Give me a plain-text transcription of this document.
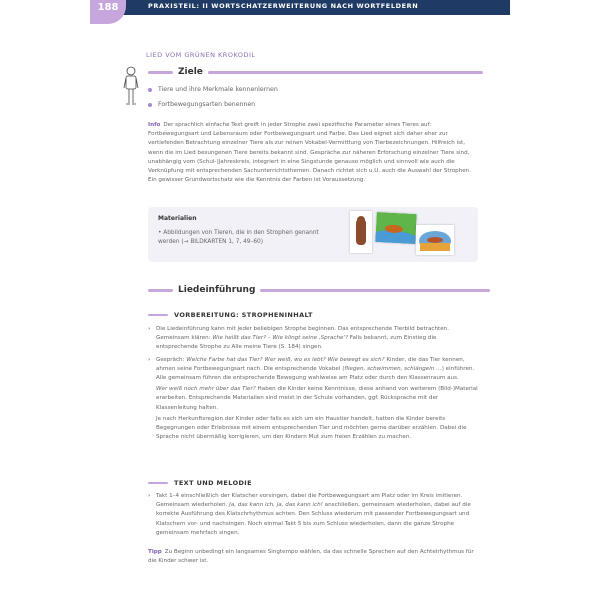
188	PRAXISTEIL: II WORTSCHATZERWEITERUNG NACH WORTFELDERN
LIED VOM GRÜNEN KROKODIL
Ziele
Tiere und ihre Merkmale kennenlernen
Fortbewegungsarten benennen
Info Der sprachlich einfache Text greift in jeder Strophe zwei spezifische Parameter eines Tieres auf: Fortbewegungsart und Lebensraum oder Fortbewegungsart und Farbe. Das Lied eignet sich daher eher zur vertiefenden Betrachtung einzelner Tiere als zur reinen Vokabel-Vermittlung von Tierbezeichnungen. Hilfreich ist, wenn die im Lied besungenen Tiere bereits bekannt sind. Gespräche zur näheren Erforschung einzelner Tiere sind, unabhängig vom (Schul-)Jahreskreis, integriert in eine Singstunde genauso möglich und sinnvoll wie auch die Verknüpfung mit entsprechenden Sachunterrichtsthemen. Danach richtet sich u.U. auch die Auswahl der Strophen. Ein gewisser Grundwortschatz wie die Kenntnis der Farben ist Voraussetzung.
Materialien
• Abbildungen von Tieren, die in den Strophen genannt werden (→ BILDKARTEN 1, 7, 49–60)
Liedeinführung
VORBEREITUNG: STROPHENINHALT
›	Die Liedeinführung kann mit jeder beliebigen Strophe beginnen. Das entsprechende Tierbild betrachten. Gemeinsam klären: Wie heißt das Tier? – Wie klingt seine ‚Sprache'? Falls bekannt, zum Einstieg die entsprechende Strophe zu Alle meine Tiere (S. 184) singen.
›	Gespräch: Welche Farbe hat das Tier? Wer weiß, wo es lebt? Wie bewegt es sich? Kinder, die das Tier kennen, ahmen seine Fortbewegungsart nach. Die entsprechende Vokabel (fliegen, schwimmen, schlängeln …) einführen. Alle gemeinsam führen die entsprechende Bewegung wahlweise am Platz oder durch den Klassenraum aus.
Wer weiß noch mehr über das Tier? Haben die Kinder keine Kenntnisse, diese anhand von weiterem (Bild-)Material erarbeiten. Entsprechende Materialien sind meist in der Schule vorhanden, ggf. Rücksprache mit der Klassenleitung halten.
Je nach Herkunftsregion der Kinder oder falls es sich um ein Haustier handelt, hatten die Kinder bereits Begegnungen oder Erlebnisse mit einem entsprechenden Tier und möchten gerne darüber erzählen. Dabei die Sprache nicht übermäßig korrigieren, um den Kindern Mut zum freien Erzählen zu machen.
TEXT UND MELODIE
›	Takt 1–4 einschließlich der Klatscher vorsingen, dabei die Fortbewegungsart am Platz oder im Kreis imitieren. Gemeinsam wiederholen. Ja, das kann ich, ja, das kann ich! anschließen, gemeinsam wiederholen, dabei auf die korrekte Ausführung des Klatschrhythmus achten. Den Schluss wiederum mit passender Fortbewegungsart und Klatschern vor- und nachsingen. Noch einmal Takt 5 bis zum Schluss wiederholen, dann die ganze Strophe gemeinsam mehrfach singen.
Tipp Zu Beginn unbedingt ein langsames Singtempo wählen, da das schnelle Sprechen auf den Achtelrhythmus für die Kinder schwer ist.
